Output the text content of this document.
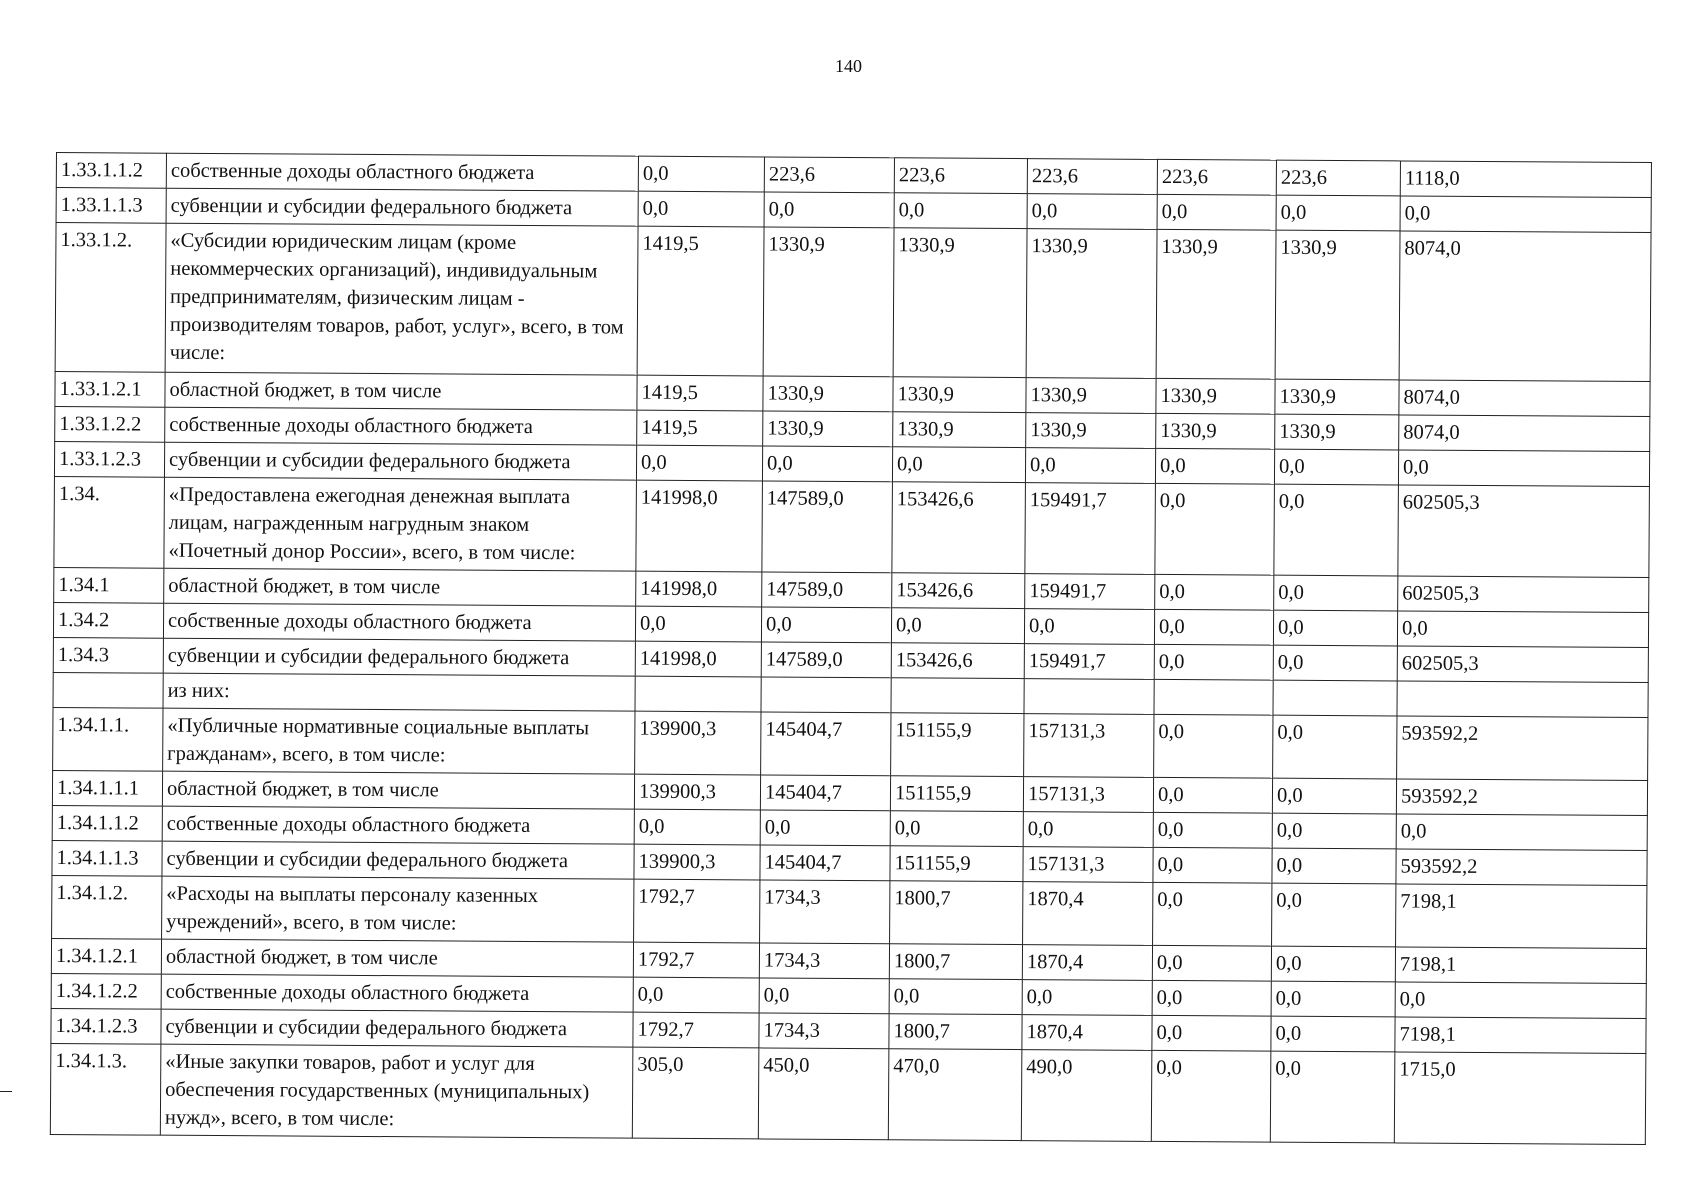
140
1.33.1.1.2	собственные доходы областного бюджета	0,0	223,6	223,6	223,6	223,6	223,6	1118,0
1.33.1.1.3	субвенции и субсидии федерального бюджета	0,0	0,0	0,0	0,0	0,0	0,0	0,0
1.33.1.2.	«Субсидии юридическим лицам (кроме некоммерческих организаций), индивидуальным предпринимателям, физическим лицам - производителям товаров, работ, услуг», всего, в том числе:	1419,5	1330,9	1330,9	1330,9	1330,9	1330,9	8074,0
1.33.1.2.1	областной бюджет, в том числе	1419,5	1330,9	1330,9	1330,9	1330,9	1330,9	8074,0
1.33.1.2.2	собственные доходы областного бюджета	1419,5	1330,9	1330,9	1330,9	1330,9	1330,9	8074,0
1.33.1.2.3	субвенции и субсидии федерального бюджета	0,0	0,0	0,0	0,0	0,0	0,0	0,0
1.34.	«Предоставлена ежегодная денежная выплата лицам, награжденным нагрудным знаком «Почетный донор России», всего, в том числе:	141998,0	147589,0	153426,6	159491,7	0,0	0,0	602505,3
1.34.1	областной бюджет, в том числе	141998,0	147589,0	153426,6	159491,7	0,0	0,0	602505,3
1.34.2	собственные доходы областного бюджета	0,0	0,0	0,0	0,0	0,0	0,0	0,0
1.34.3	субвенции и субсидии федерального бюджета	141998,0	147589,0	153426,6	159491,7	0,0	0,0	602505,3
	из них:							
1.34.1.1.	«Публичные нормативные социальные выплаты гражданам», всего, в том числе:	139900,3	145404,7	151155,9	157131,3	0,0	0,0	593592,2
1.34.1.1.1	областной бюджет, в том числе	139900,3	145404,7	151155,9	157131,3	0,0	0,0	593592,2
1.34.1.1.2	собственные доходы областного бюджета	0,0	0,0	0,0	0,0	0,0	0,0	0,0
1.34.1.1.3	субвенции и субсидии федерального бюджета	139900,3	145404,7	151155,9	157131,3	0,0	0,0	593592,2
1.34.1.2.	«Расходы на выплаты персоналу казенных учреждений», всего, в том числе:	1792,7	1734,3	1800,7	1870,4	0,0	0,0	7198,1
1.34.1.2.1	областной бюджет, в том числе	1792,7	1734,3	1800,7	1870,4	0,0	0,0	7198,1
1.34.1.2.2	собственные доходы областного бюджета	0,0	0,0	0,0	0,0	0,0	0,0	0,0
1.34.1.2.3	субвенции и субсидии федерального бюджета	1792,7	1734,3	1800,7	1870,4	0,0	0,0	7198,1
1.34.1.3.	«Иные закупки товаров, работ и услуг для обеспечения государственных (муниципальных) нужд», всего, в том числе:	305,0	450,0	470,0	490,0	0,0	0,0	1715,0
